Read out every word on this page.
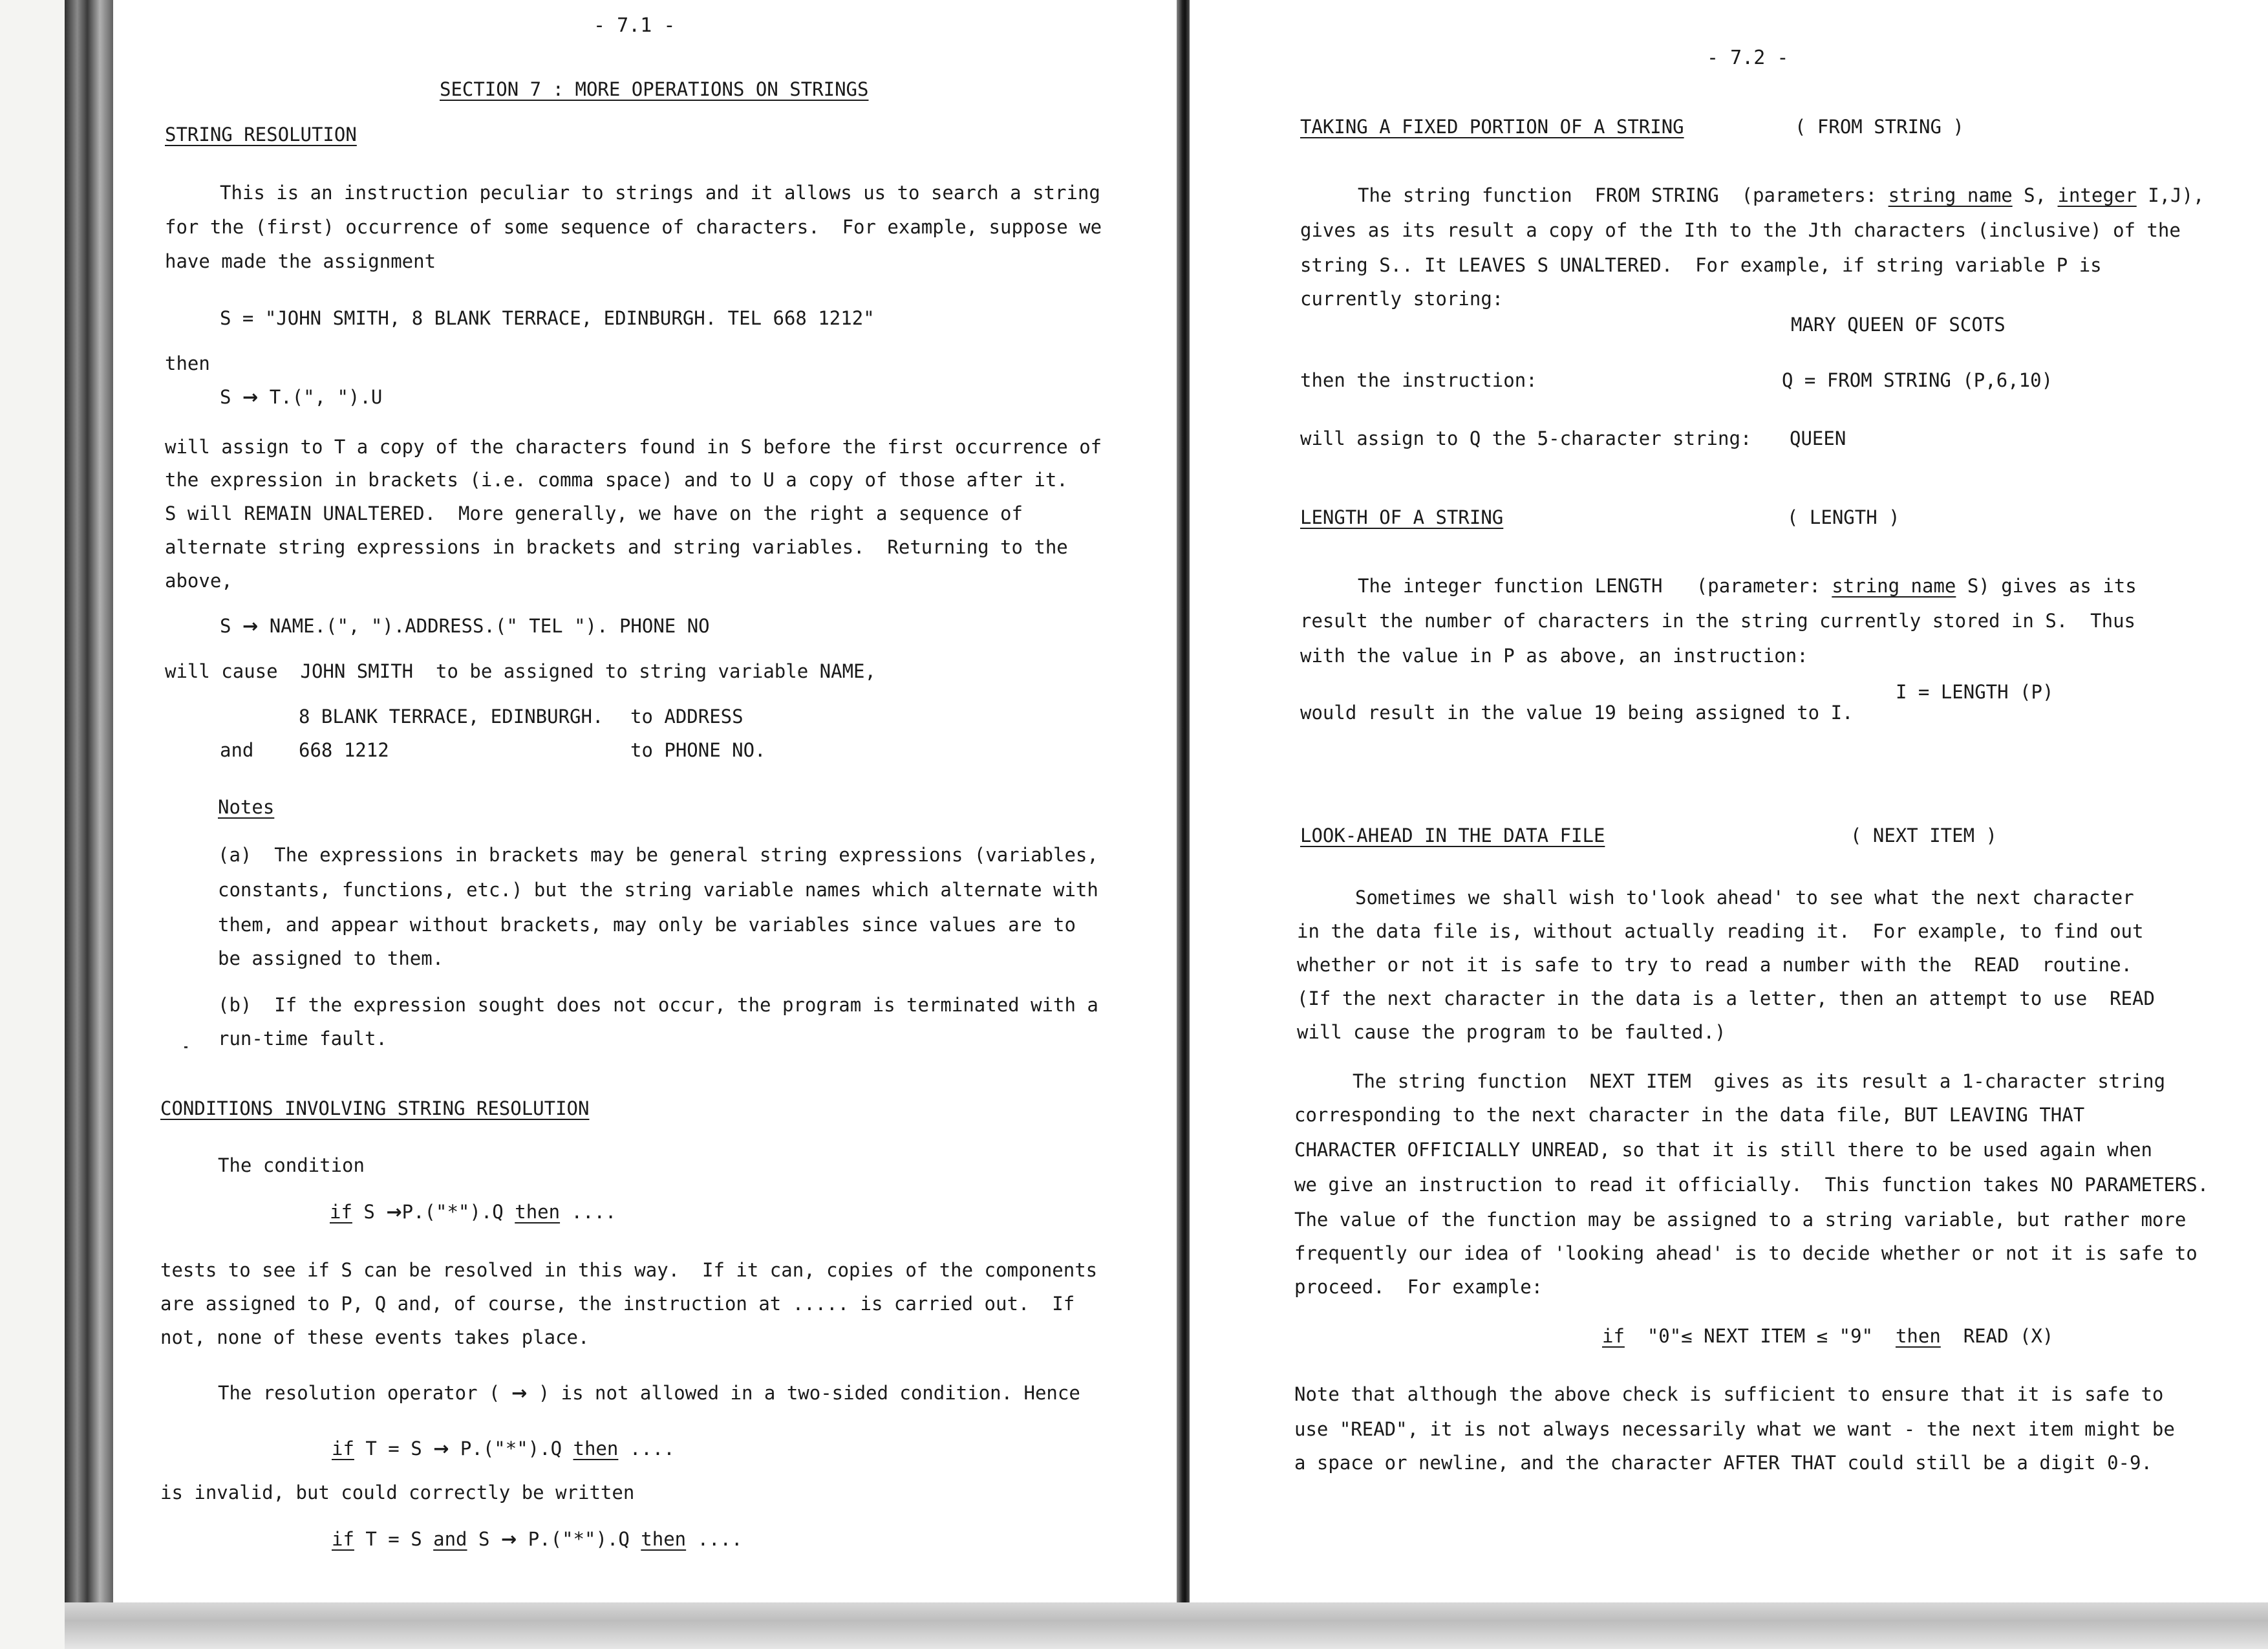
- 7.1 -

SECTION 7 : MORE OPERATIONS ON STRINGS

STRING RESOLUTION

This is an instruction peculiar to strings and it allows us to search a string

for the (first) occurrence of some sequence of characters.  For example, suppose we

have made the assignment

S = "JOHN SMITH, 8 BLANK TERRACE, EDINBURGH. TEL 668 1212"

then

S → T.(", ").U

will assign to T a copy of the characters found in S before the first occurrence of

the expression in brackets (i.e. comma space) and to U a copy of those after it.

S will REMAIN UNALTERED.  More generally, we have on the right a sequence of

alternate string expressions in brackets and string variables.  Returning to the

above,

S → NAME.(", ").ADDRESS.(" TEL "). PHONE NO

will cause  JOHN SMITH  to be assigned to string variable NAME,

8 BLANK TERRACE, EDINBURGH. to ADDRESS

and 668 1212	to PHONE NO.

Notes

(a)  The expressions in brackets may be general string expressions (variables,

constants, functions, etc.) but the string variable names which alternate with

them, and appear without brackets, may only be variables since values are to

be assigned to them.

(b)  If the expression sought does not occur, the program is terminated with a

run-time fault.

CONDITIONS INVOLVING STRING RESOLUTION

The condition

if S →P.("*").Q then ....

tests to see if S can be resolved in this way.  If it can, copies of the components

are assigned to P, Q and, of course, the instruction at ..... is carried out.  If

not, none of these events takes place.

The resolution operator ( → ) is not allowed in a two-sided condition. Hence

if T = S → P.("*").Q then ....

is invalid, but could correctly be written

if T = S and S → P.("*").Q then ....

- 7.2 -

TAKING A FIXED PORTION OF A STRING	( FROM STRING )

The string function  FROM STRING  (parameters: string name S, integer I,J),

gives as its result a copy of the Ith to the Jth characters (inclusive) of the

string S.. It LEAVES S UNALTERED.  For example, if string variable P is

currently storing:

MARY QUEEN OF SCOTS

then the instruction:	Q = FROM STRING (P,6,10)

will assign to Q the 5-character string: QUEEN

LENGTH OF A STRING	( LENGTH )

The integer function LENGTH   (parameter: string name S) gives as its

result the number of characters in the string currently stored in S.  Thus

with the value in P as above, an instruction:

I = LENGTH (P)

would result in the value 19 being assigned to I.

LOOK-AHEAD IN THE DATA FILE	( NEXT ITEM )

Sometimes we shall wish to'look ahead' to see what the next character

in the data file is, without actually reading it.  For example, to find out

whether or not it is safe to try to read a number with the  READ  routine.

(If the next character in the data is a letter, then an attempt to use  READ

will cause the program to be faulted.)

The string function  NEXT ITEM  gives as its result a 1-character string

corresponding to the next character in the data file, BUT LEAVING THAT

CHARACTER OFFICIALLY UNREAD, so that it is still there to be used again when

we give an instruction to read it officially.  This function takes NO PARAMETERS.

The value of the function may be assigned to a string variable, but rather more

frequently our idea of 'looking ahead' is to decide whether or not it is safe to

proceed.  For example:

if  "0"≤ NEXT ITEM ≤ "9"  then  READ (X)

Note that although the above check is sufficient to ensure that it is safe to

use "READ", it is not always necessarily what we want - the next item might be

a space or newline, and the character AFTER THAT could still be a digit 0-9.
